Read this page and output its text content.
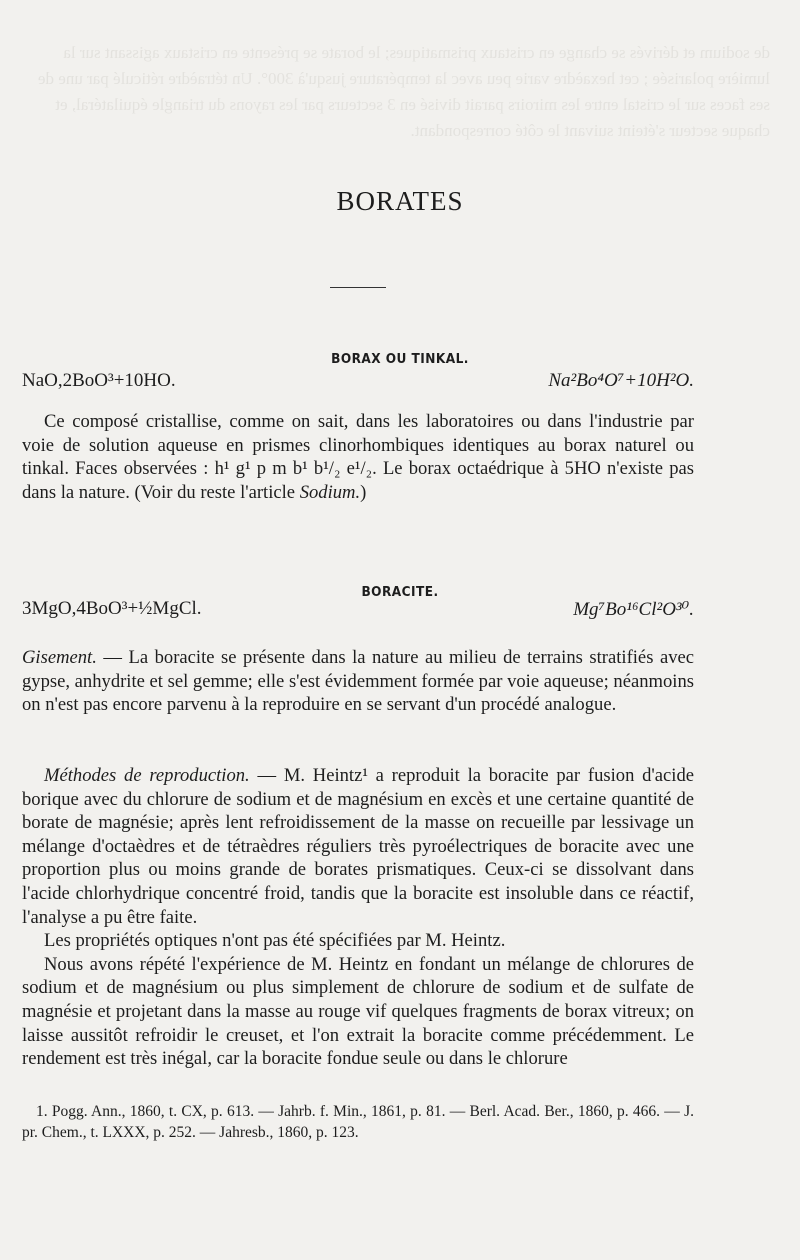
de sodium et dérivés se change en cristaux prismatiques; le borate se présente en cristaux agissant sur la lumière polarisée ; cet hexaèdre varie peu avec la température jusqu'à 300°. Un tétraèdre réticulé par une de ses faces sur le cristal entre les miroirs parait divisé en 3 secteurs par les rayons du triangle équilatéral, et chaque secteur s'éteint suivant le côté correspondant.
BORATES
BORAX OU TINKAL.
NaO,2BoO³+10HO.	Na²Bo⁴O⁷+10H²O.

Ce composé cristallise, comme on sait, dans les laboratoires ou dans l'industrie par voie de solution aqueuse en prismes clinorhombiques identiques au borax naturel ou tinkal. Faces observées : h¹ g¹ p m b¹ b¹/₂ e¹/₂. Le borax octaédrique à 5HO n'existe pas dans la nature. (Voir du reste l'article Sodium.)

BORACITE.
3MgO,4BoO³+½MgCl.	Mg⁷Bo¹⁶Cl²O³⁰.

Gisement. — La boracite se présente dans la nature au milieu de terrains stratifiés avec gypse, anhydrite et sel gemme; elle s'est évidemment formée par voie aqueuse; néanmoins on n'est pas encore parvenu à la reproduire en se servant d'un procédé analogue.

Méthodes de reproduction. — M. Heintz¹ a reproduit la boracite par fusion d'acide borique avec du chlorure de sodium et de magnésium en excès et une certaine quantité de borate de magnésie; après lent refroidissement de la masse on recueille par lessivage un mélange d'octaèdres et de tétraèdres réguliers très pyroélectriques de boracite avec une proportion plus ou moins grande de borates prismatiques. Ceux-ci se dissolvant dans l'acide chlorhydrique concentré froid, tandis que la boracite est insoluble dans ce réactif, l'analyse a pu être faite.

Les propriétés optiques n'ont pas été spécifiées par M. Heintz.

Nous avons répété l'expérience de M. Heintz en fondant un mélange de chlorures de sodium et de magnésium ou plus simplement de chlorure de sodium et de sulfate de magnésie et projetant dans la masse au rouge vif quelques fragments de borax vitreux; on laisse aussitôt refroidir le creuset, et l'on extrait la boracite comme précédemment. Le rendement est très inégal, car la boracite fondue seule ou dans le chlorure

1. Pogg. Ann., 1860, t. CX, p. 613. — Jahrb. f. Min., 1861, p. 81. — Berl. Acad. Ber., 1860, p. 466. — J. pr. Chem., t. LXXX, p. 252. — Jahresb., 1860, p. 123.
